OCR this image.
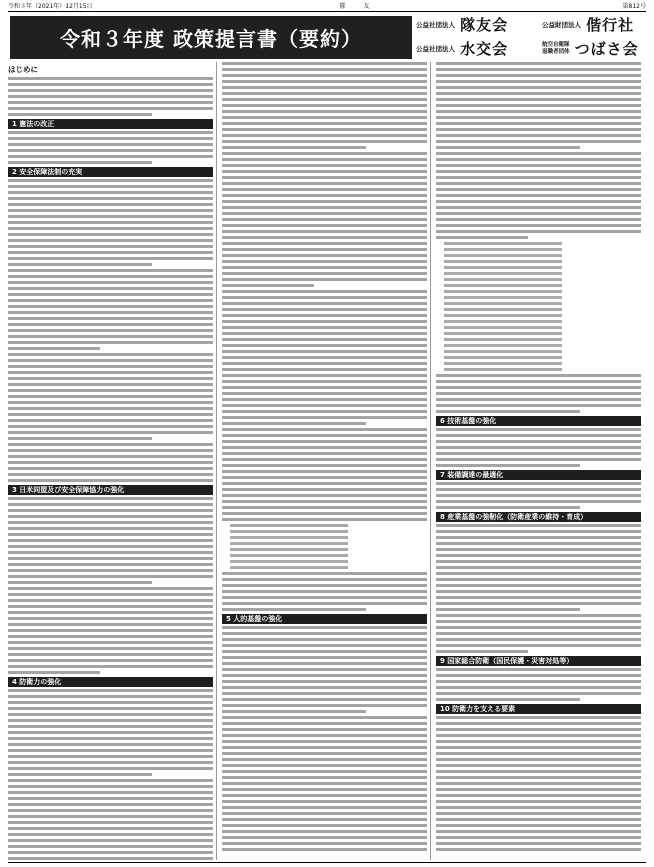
令和３年（2021年）12月15日	隊　友	第812号
令和３年度 政策提言書（要約）
公益社団法人 隊友会	公益財団法人 偕行社
公益社団法人 水交会	航空自衛隊
退職者団体 つばさ会
はじめに
1 憲法の改正
2 安全保障法制の充実
3 日米同盟及び安全保障協力の強化
4 防衛力の強化
5 人的基盤の強化
6 技術基盤の強化
7 装備調達の最適化
8 産業基盤の強靭化（防衛産業の維持・育成）
9 国家総合防衛（国民保護・災害対処等）
10 防衛力を支える要素
